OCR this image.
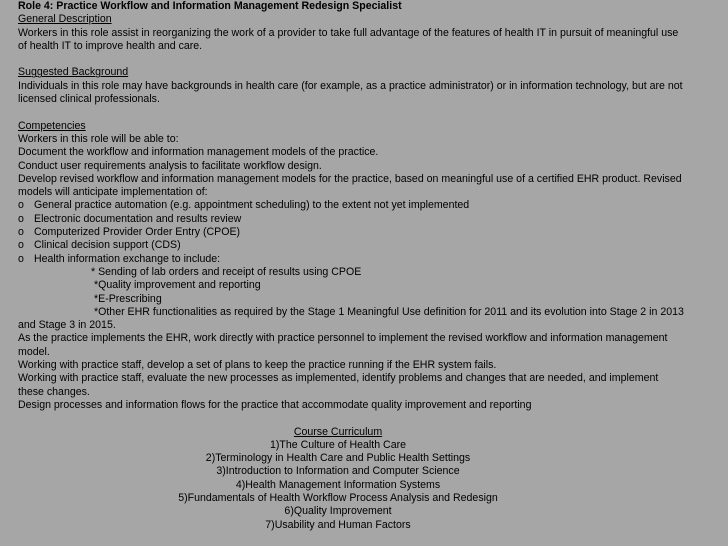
Role 4: Practice Workflow and Information Management Redesign Specialist
General Description
Workers in this role assist in reorganizing the work of a provider to take full advantage of the features of health IT in pursuit of meaningful use
of health IT to improve health and care.
Suggested Background
Individuals in this role may have backgrounds in health care (for example, as a practice administrator) or in information technology, but are not
licensed clinical professionals.
Competencies
Workers in this role will be able to:
Document the workflow and information management models of the practice.
Conduct user requirements analysis to facilitate workflow design.
Develop revised workflow and information management models for the practice, based on meaningful use of a certified EHR product. Revised
models will anticipate implementation of:
o General practice automation (e.g. appointment scheduling) to the extent not yet implemented
o Electronic documentation and results review
o Computerized Provider Order Entry (CPOE)
o Clinical decision support (CDS)
o Health information exchange to include:
* Sending of lab orders and receipt of results using CPOE
*Quality improvement and reporting
*E-Prescribing
*Other EHR functionalities as required by the Stage 1 Meaningful Use definition for 2011 and its evolution into Stage 2 in 2013
and Stage 3 in 2015.
As the practice implements the EHR, work directly with practice personnel to implement the revised workflow and information management
model.
Working with practice staff, develop a set of plans to keep the practice running if the EHR system fails.
Working with practice staff, evaluate the new processes as implemented, identify problems and changes that are needed, and implement
these changes.
Design processes and information flows for the practice that accommodate quality improvement and reporting
Course Curriculum
1)The Culture of Health Care
2)Terminology in Health Care and Public Health Settings
3)Introduction to Information and Computer Science
4)Health Management Information Systems
5)Fundamentals of Health Workflow Process Analysis and Redesign
6)Quality Improvement
7)Usability and Human Factors
